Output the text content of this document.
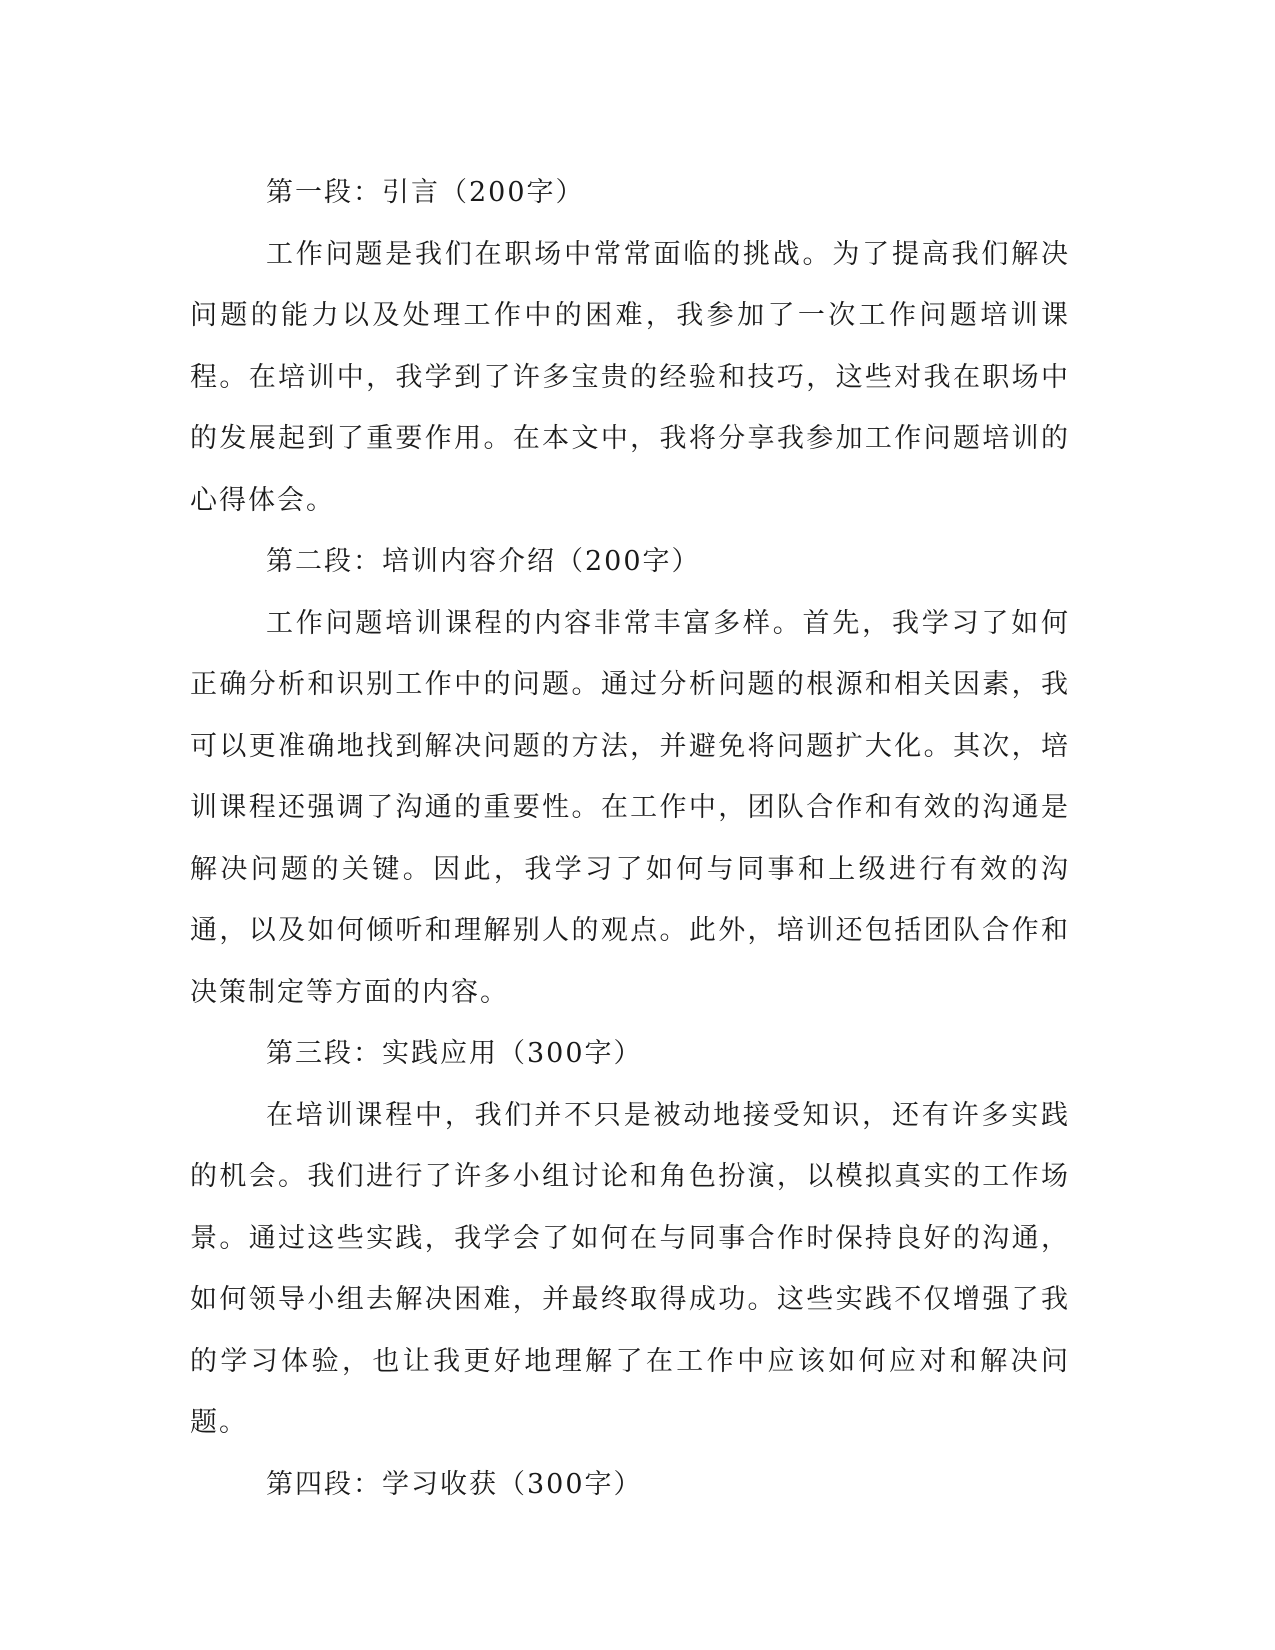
第一段：引言（200字）

工作问题是我们在职场中常常面临的挑战。为了提高我们解决问题的能力以及处理工作中的困难，我参加了一次工作问题培训课程。在培训中，我学到了许多宝贵的经验和技巧，这些对我在职场中的发展起到了重要作用。在本文中，我将分享我参加工作问题培训的心得体会。

第二段：培训内容介绍（200字）

工作问题培训课程的内容非常丰富多样。首先，我学习了如何正确分析和识别工作中的问题。通过分析问题的根源和相关因素，我可以更准确地找到解决问题的方法，并避免将问题扩大化。其次，培训课程还强调了沟通的重要性。在工作中，团队合作和有效的沟通是解决问题的关键。因此，我学习了如何与同事和上级进行有效的沟通，以及如何倾听和理解别人的观点。此外，培训还包括团队合作和决策制定等方面的内容。

第三段：实践应用（300字）

在培训课程中，我们并不只是被动地接受知识，还有许多实践的机会。我们进行了许多小组讨论和角色扮演，以模拟真实的工作场景。通过这些实践，我学会了如何在与同事合作时保持良好的沟通，如何领导小组去解决困难，并最终取得成功。这些实践不仅增强了我的学习体验，也让我更好地理解了在工作中应该如何应对和解决问题。

第四段：学习收获（300字）
